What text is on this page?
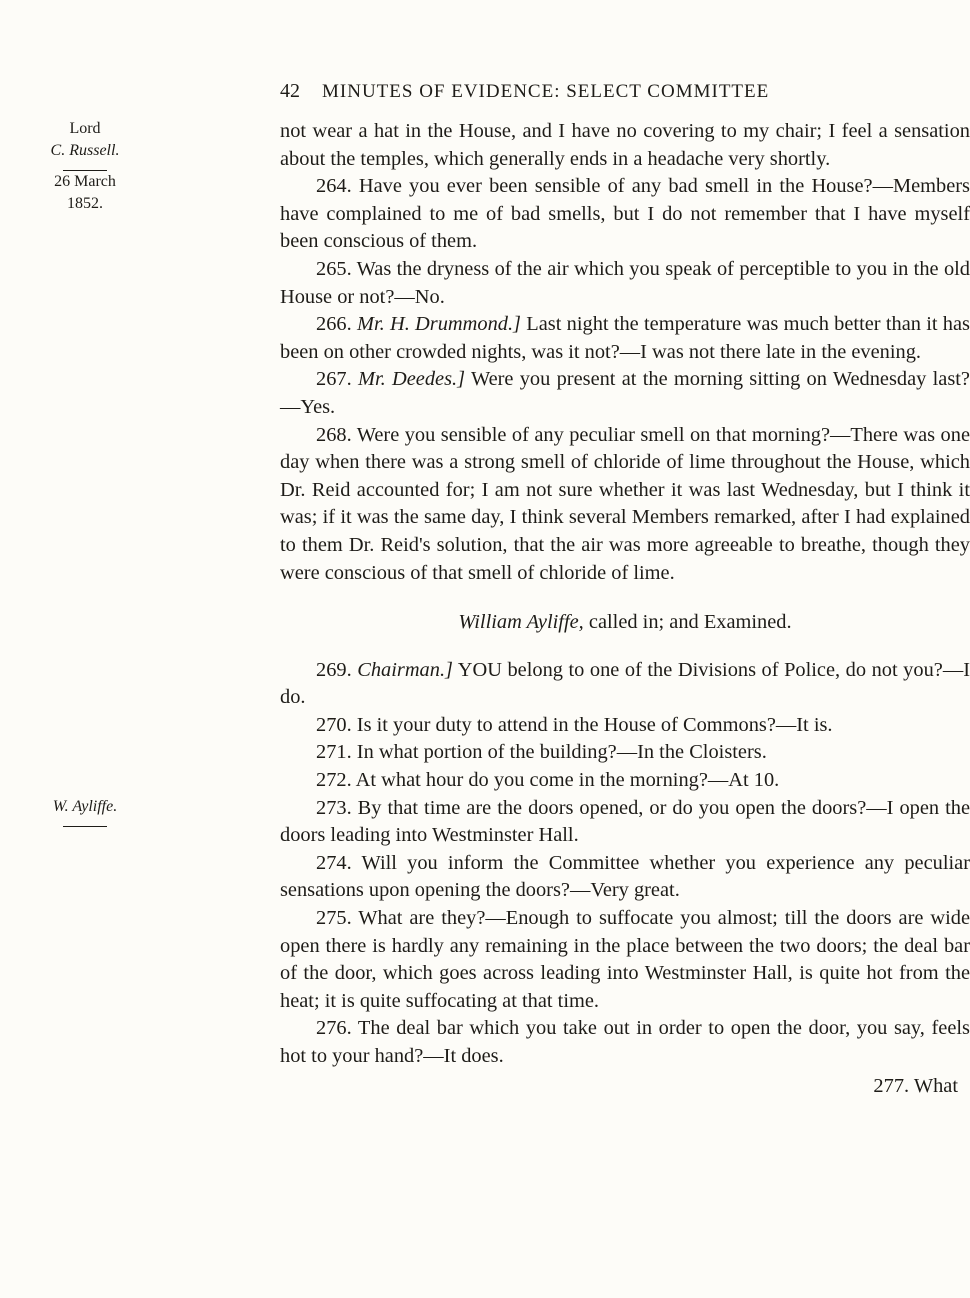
42 MINUTES OF EVIDENCE: SELECT COMMITTEE
Lord
C. Russell.
26 March
1852.
W. Ayliffe.

not wear a hat in the House, and I have no covering to my chair; I feel a sensation about the temples, which generally ends in a headache very shortly.

264. Have you ever been sensible of any bad smell in the House?—Members have complained to me of bad smells, but I do not remember that I have myself been conscious of them.

265. Was the dryness of the air which you speak of perceptible to you in the old House or not?—No.

266. Mr. H. Drummond.] Last night the temperature was much better than it has been on other crowded nights, was it not?—I was not there late in the evening.

267. Mr. Deedes.] Were you present at the morning sitting on Wednesday last?—Yes.

268. Were you sensible of any peculiar smell on that morning?—There was one day when there was a strong smell of chloride of lime throughout the House, which Dr. Reid accounted for; I am not sure whether it was last Wednesday, but I think it was; if it was the same day, I think several Members remarked, after I had explained to them Dr. Reid's solution, that the air was more agreeable to breathe, though they were conscious of that smell of chloride of lime.

William Ayliffe, called in; and Examined.

269. Chairman.] YOU belong to one of the Divisions of Police, do not you?—I do.

270. Is it your duty to attend in the House of Commons?—It is.

271. In what portion of the building?—In the Cloisters.

272. At what hour do you come in the morning?—At 10.

273. By that time are the doors opened, or do you open the doors?—I open the doors leading into Westminster Hall.

274. Will you inform the Committee whether you experience any peculiar sensations upon opening the doors?—Very great.

275. What are they?—Enough to suffocate you almost; till the doors are wide open there is hardly any remaining in the place between the two doors; the deal bar of the door, which goes across leading into Westminster Hall, is quite hot from the heat; it is quite suffocating at that time.

276. The deal bar which you take out in order to open the door, you say, feels hot to your hand?—It does.

277. What
